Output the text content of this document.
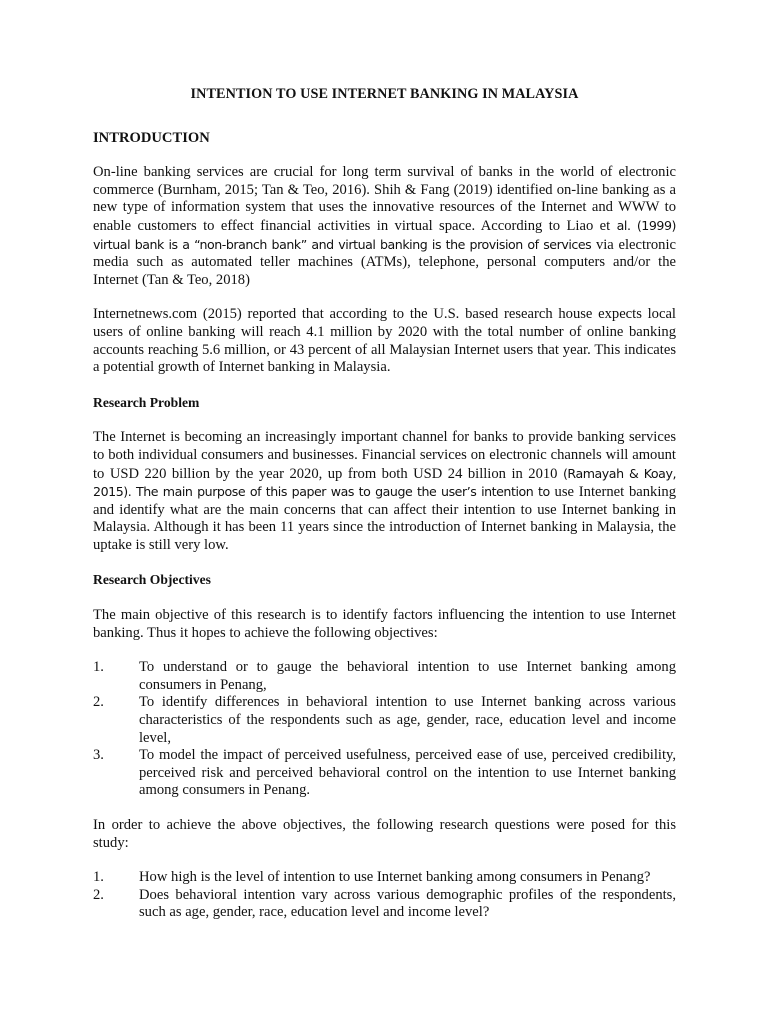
INTENTION TO USE INTERNET BANKING IN MALAYSIA
INTRODUCTION

On-line banking services are crucial for long term survival of banks in the world of electronic commerce (Burnham, 2015; Tan & Teo, 2016). Shih & Fang (2019) identified on-line banking as a new type of information system that uses the innovative resources of the Internet and WWW to enable customers to effect financial activities in virtual space. According to Liao et al. (1999) virtual bank is a “non-branch bank” and virtual banking is the provision of services via electronic media such as automated teller machines (ATMs), telephone, personal computers and/or the Internet (Tan & Teo, 2018)

Internetnews.com (2015) reported that according to the U.S. based research house expects local users of online banking will reach 4.1 million by 2020 with the total number of online banking accounts reaching 5.6 million, or 43 percent of all Malaysian Internet users that year. This indicates a potential growth of Internet banking in Malaysia.

Research Problem

The Internet is becoming an increasingly important channel for banks to provide banking services to both individual consumers and businesses. Financial services on electronic channels will amount to USD 220 billion by the year 2020, up from both USD 24 billion in 2010 (Ramayah & Koay, 2015). The main purpose of this paper was to gauge the user’s intention to use Internet banking and identify what are the main concerns that can affect their intention to use Internet banking in Malaysia. Although it has been 11 years since the introduction of Internet banking in Malaysia, the uptake is still very low.

Research Objectives

The main objective of this research is to identify factors influencing the intention to use Internet banking. Thus it hopes to achieve the following objectives:

1.	To understand or to gauge the behavioral intention to use Internet banking among consumers in Penang,
2.	To identify differences in behavioral intention to use Internet banking across various characteristics of the respondents such as age, gender, race, education level and income level,
3.	To model the impact of perceived usefulness, perceived ease of use, perceived credibility, perceived risk and perceived behavioral control on the intention to use Internet banking among consumers in Penang.

In order to achieve the above objectives, the following research questions were posed for this study:

1.	How high is the level of intention to use Internet banking among consumers in Penang?
2.	Does behavioral intention vary across various demographic profiles of the respondents, such as age, gender, race, education level and income level?
